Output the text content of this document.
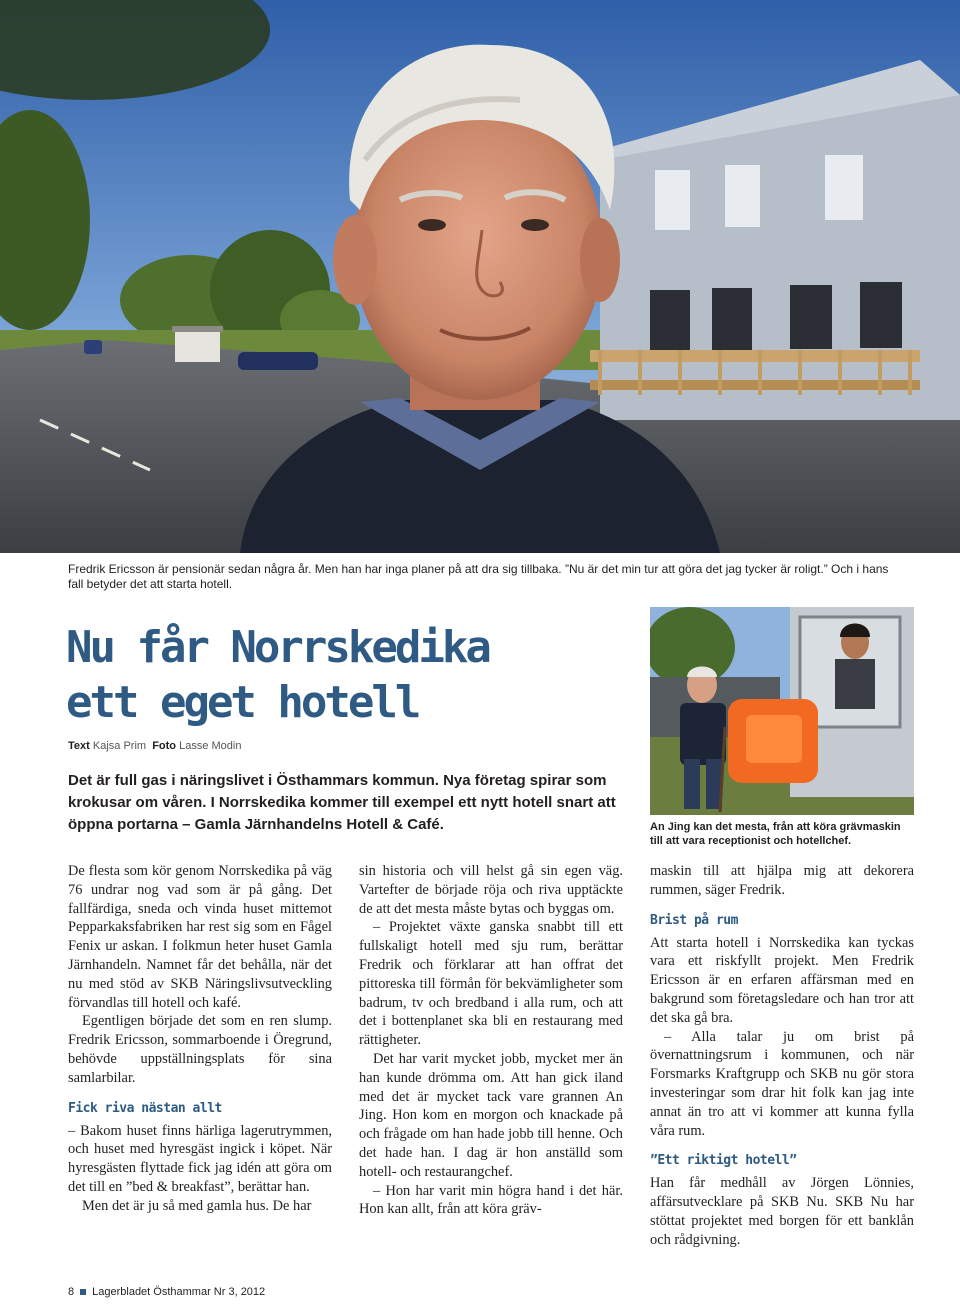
Fredrik Ericsson är pensionär sedan några år. Men han har inga planer på att dra sig tillbaka. ”Nu är det min tur att göra det jag tycker är roligt.” Och i hans fall betyder det att starta hotell.

Nu får Norrskedika
ett eget hotell
Text Kajsa Prim Foto Lasse Modin

Det är full gas i näringslivet i Östhammars kommun. Nya företag spirar som krokusar om våren. I Norrskedika kommer till exempel ett nytt hotell snart att öppna portarna – Gamla Järnhandelns Hotell & Café.	An Jing kan det mesta, från att köra grävmaskin till att vara receptionist och hotellchef.

De flesta som kör genom Norrskedika på väg 76 undrar nog vad som är på gång. Det fallfärdiga, sneda och vinda huset mittemot Pepparkaksfabriken har rest sig som en Fågel Fenix ur askan. I folkmun heter huset Gamla Järnhandeln. Namnet får det behålla, när det nu med stöd av SKB Näringslivsutveckling förvandlas till hotell och kafé.

Egentligen började det som en ren slump. Fredrik Ericsson, sommarboende i Öregrund, behövde uppställningsplats för sina samlarbilar.

Fick riva nästan allt

– Bakom huset finns härliga lagerutrymmen, och huset med hyresgäst ingick i köpet. När hyresgästen flyttade fick jag idén att göra om det till en ”bed & breakfast”, berättar han.

Men det är ju så med gamla hus. De har

sin historia och vill helst gå sin egen väg. Vartefter de började röja och riva upptäckte de att det mesta måste bytas och byggas om.

– Projektet växte ganska snabbt till ett fullskaligt hotell med sju rum, berättar Fredrik och förklarar att han offrat det pittoreska till förmån för bekvämligheter som badrum, tv och bredband i alla rum, och att det i bottenplanet ska bli en restaurang med rättigheter.

Det har varit mycket jobb, mycket mer än han kunde drömma om. Att han gick iland med det är mycket tack vare grannen An Jing. Hon kom en morgon och knackade på och frågade om han hade jobb till henne. Och det hade han. I dag är hon anställd som hotell- och restaurangchef.

– Hon har varit min högra hand i det här. Hon kan allt, från att köra gräv-

maskin till att hjälpa mig att dekorera rummen, säger Fredrik.

Brist på rum

Att starta hotell i Norrskedika kan tyckas vara ett riskfyllt projekt. Men Fredrik Ericsson är en erfaren affärsman med en bakgrund som företagsledare och han tror att det ska gå bra.

– Alla talar ju om brist på övernattningsrum i kommunen, och när Forsmarks Kraftgrupp och SKB nu gör stora investeringar som drar hit folk kan jag inte annat än tro att vi kommer att kunna fylla våra rum.

”Ett riktigt hotell”

Han får medhåll av Jörgen Lönnies, affärsutvecklare på SKB Nu. SKB Nu har stöttat projektet med borgen för ett banklån och rådgivning.

8 Lagerbladet Östhammar Nr 3, 2012
